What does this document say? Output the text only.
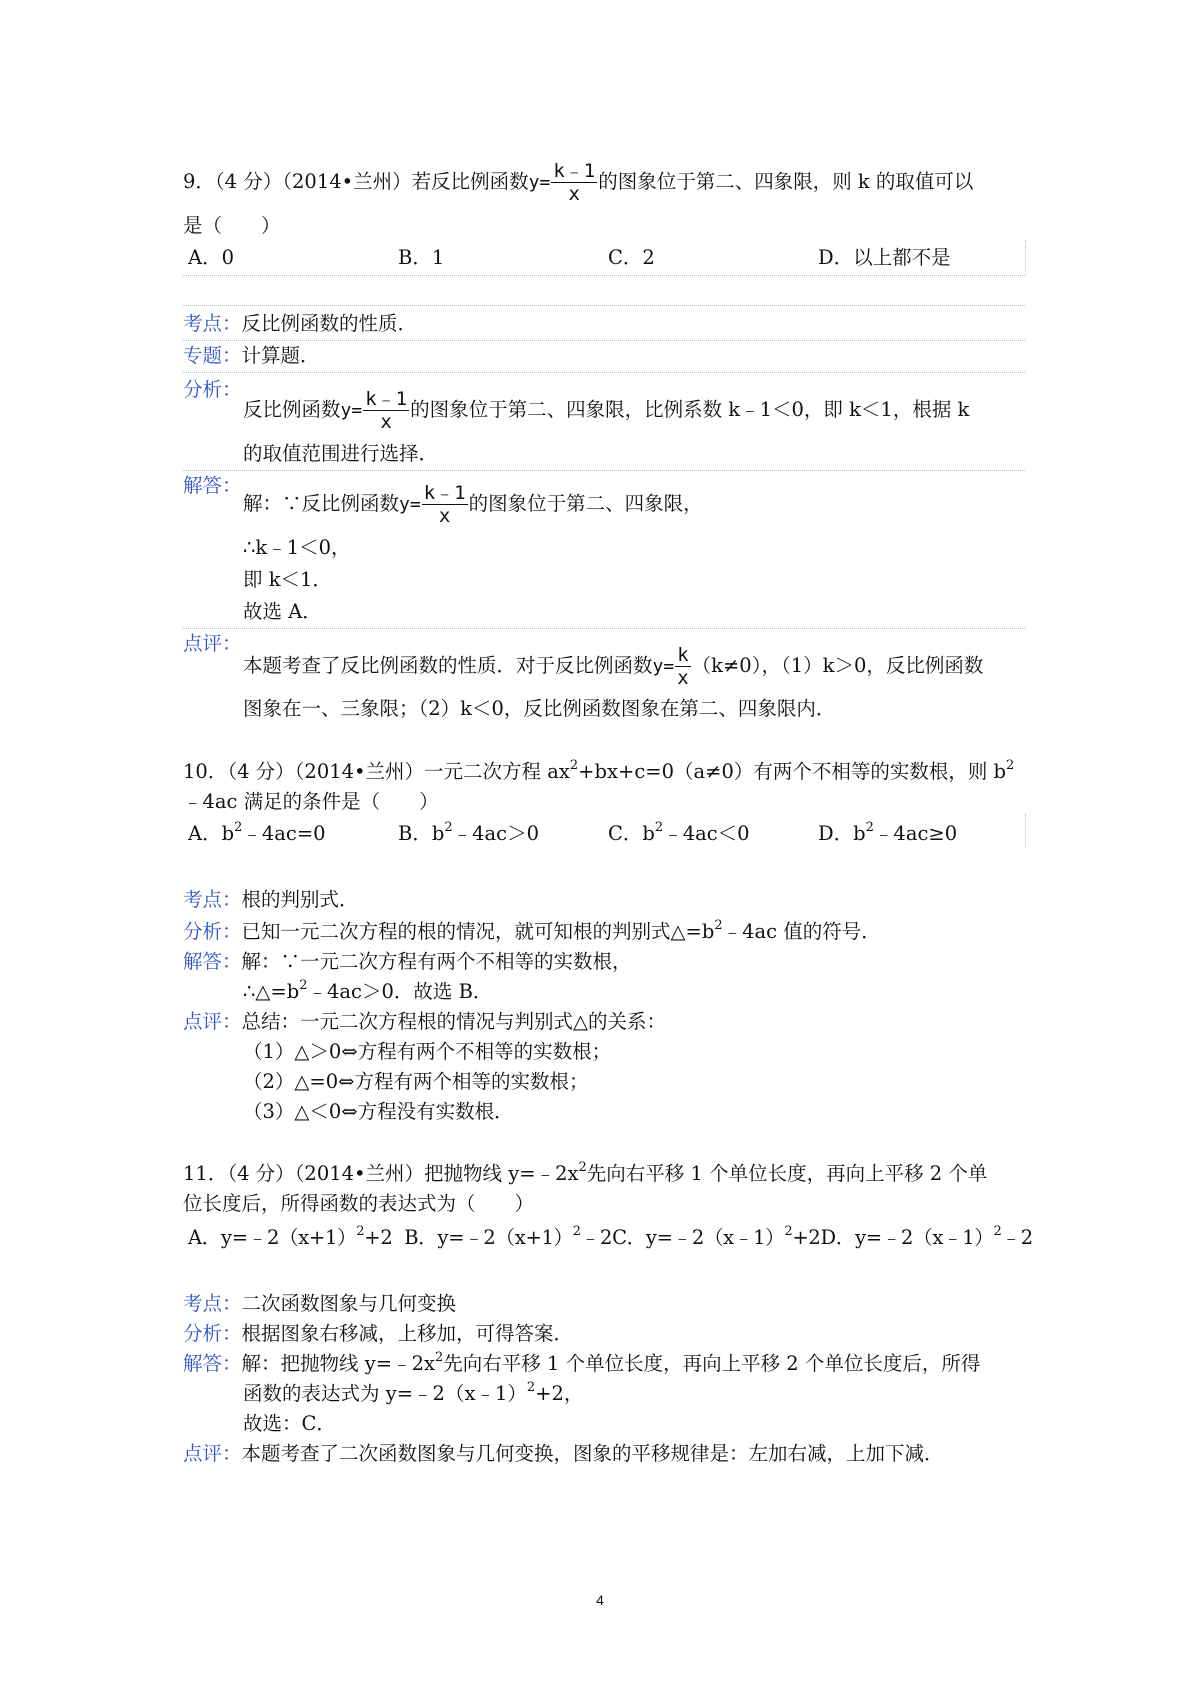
9．（4 分）（2014•兰州）若反比例函数$y= \frac{k﹣1}{x}$ 的图象位于第二、四象限，则 k 的取值可以
是（　　）
A．0	B．1	C．2	D．以上都不是
考点：反比例函数的性质．
专题：计算题．
分析：
反比例函数$y= \frac{k﹣1}{x}$ 的图象位于第二、四象限，比例系数 k﹣1＜0，即 k＜1，根据 k
的取值范围进行选择．
解答：
解：∵反比例函数$y= \frac{k﹣1}{x}$ 的图象位于第二、四象限，
∴k﹣1＜0，
即 k＜1．
故选 A．
点评：
本题考查了反比例函数的性质．对于反比例函数$y= \frac{k}{x} (k\ne 0)$，（1）k＞0，反比例函数
图象在一、三象限；（2）k＜0，反比例函数图象在第二、四象限内．
10．（4 分）（2014•兰州）一元二次方程 $ax^2+bx+c=0(a\ne 0)$有两个不相等的实数根，则 $b^2$
﹣4ac 满足的条件是（　　）
A．$b^2﹣4ac=0$	B．$b^2﹣4ac>0$	C．$b^2﹣4ac<0$	D．$b^2﹣4ac\ge 0$
考点：根的判别式．
分析：已知一元二次方程的根的情况，就可知根的判别式$\triangle=b^2﹣4ac$ 值的符号．
解答：解：∵一元二次方程有两个不相等的实数根，
$\therefore\triangle=b^2﹣4ac>0$．故选 B．
点评：总结：一元二次方程根的情况与判别式△的关系：
（1）△＞0⇔方程有两个不相等的实数根；
（2）△=0⇔方程有两个相等的实数根；
（3）△＜0⇔方程没有实数根．
11．（4 分）（2014•兰州）把抛物线 $y=﹣2x^2$先向右平移 1 个单位长度，再向上平移 2 个单
位长度后，所得函数的表达式为（　　）
A．$y=﹣2(x+1)^2+2$ B．$y=﹣2(x+1)^2﹣2C$．y=﹣2（x﹣1）$^2$+2D．y=﹣2（x﹣1）$^2$﹣2
考点：二次函数图象与几何变换
分析：根据图象右移减，上移加，可得答案．
解答：解：把抛物线 $y=﹣2x^2$先向右平移 1 个单位长度，再向上平移 2 个单位长度后，所得
函数的表达式为 y=﹣2（x﹣1）$^2$+2，
故选：C．
点评：本题考查了二次函数图象与几何变换，图象的平移规律是：左加右减，上加下减．
4
